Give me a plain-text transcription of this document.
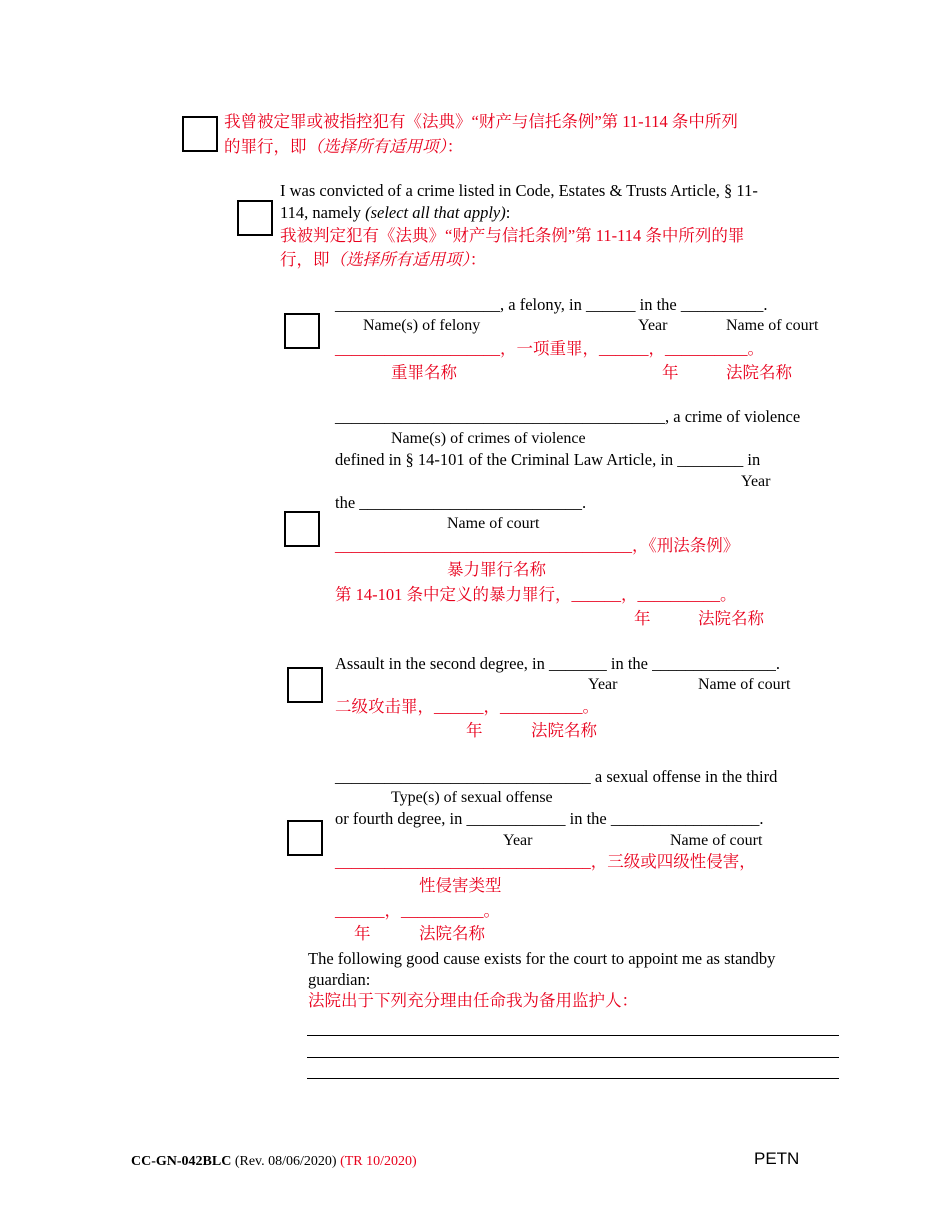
我曾被定罪或被指控犯有《法典》“财产与信托条例”第 11-114 条中所列
的罪行，即（选择所有适用项）：
I was convicted of a crime listed in Code, Estates & Trusts Article, § 11-
114, namely (select all that apply):
我被判定犯有《法典》“财产与信托条例”第 11-114 条中所列的罪
行，即（选择所有适用项）：
____________________, a felony, in ______ in the __________.
Name(s) of felony	Year	Name of court
____________________，一项重罪，______，__________。
重罪名称	年	法院名称
________________________________________, a crime of violence
Name(s) of crimes of violence
defined in § 14-101 of the Criminal Law Article, in ________ in
Year
the ___________________________.
Name of court
____________________________________，《刑法条例》
暴力罪行名称
第 14-101 条中定义的暴力罪行，______，__________。
年	法院名称
Assault in the second degree, in _______ in the _______________.
Year	Name of court
二级攻击罪，______，__________。
年	法院名称
_______________________________ a sexual offense in the third
Type(s) of sexual offense
or fourth degree, in ____________ in the __________________.
Year	Name of court
_______________________________，三级或四级性侵害，
性侵害类型
______，__________。
年	法院名称
The following good cause exists for the court to appoint me as standby
guardian:
法院出于下列充分理由任命我为备用监护人：
CC-GN-042BLC (Rev. 08/06/2020) (TR 10/2020)	PETN
